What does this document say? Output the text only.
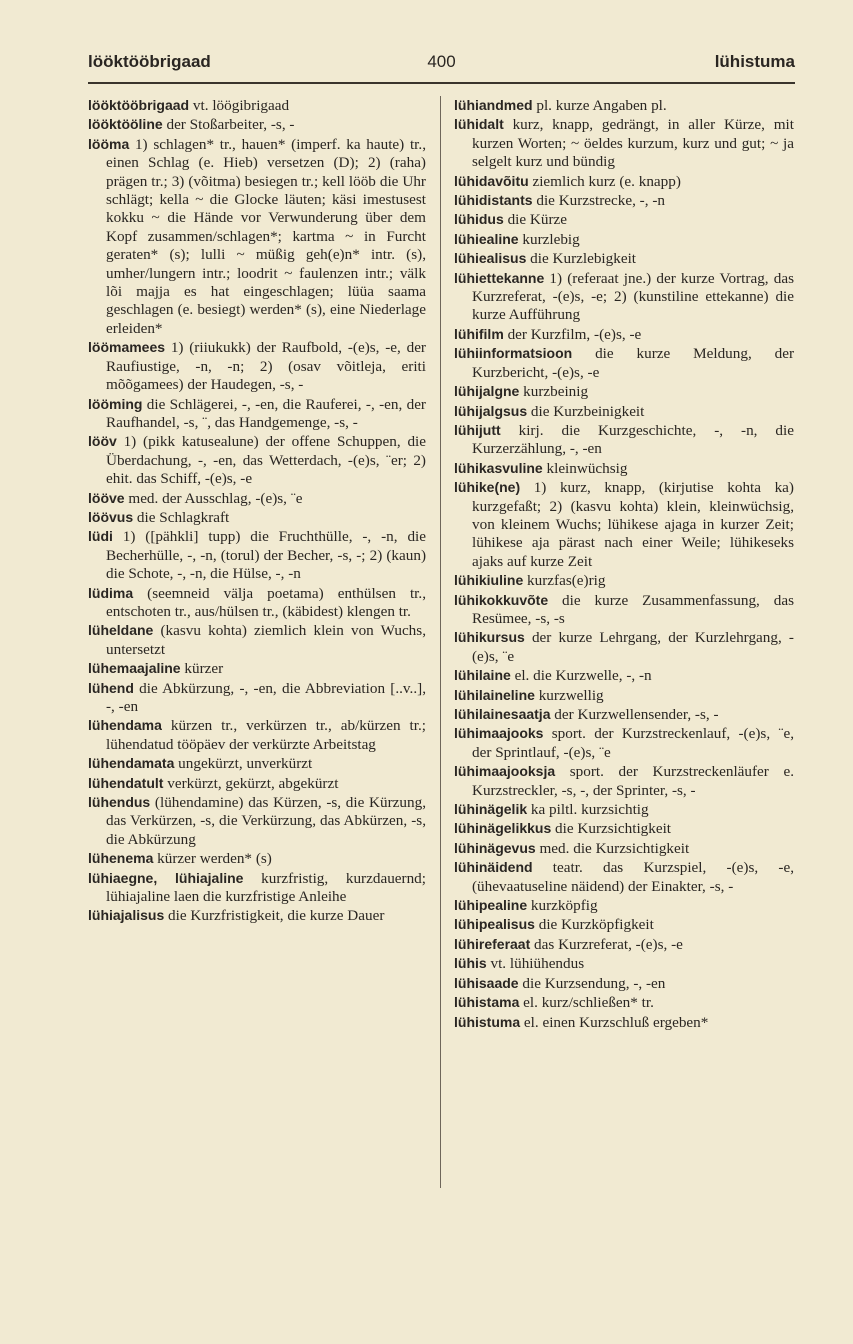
lööktööbrigaad	400	lühistuma

lööktööbrigaad vt. löögibrigaad

lööktööline der Stoßarbeiter, -s, -

lööma 1) schlagen* tr., hauen* (imperf. ka haute) tr., einen Schlag (e. Hieb) versetzen (D); 2) (raha) prägen tr.; 3) (võitma) besiegen tr.; kell lööb die Uhr schlägt; kella ~ die Glocke läuten; käsi imestusest kokku ~ die Hände vor Verwunderung über dem Kopf zusammen/schlagen*; kartma ~ in Furcht geraten* (s); lulli ~ müßig geh(e)n* intr. (s), umher/lungern intr.; loodrit ~ faulenzen intr.; välk lõi majja es hat eingeschlagen; lüüa saama geschlagen (e. besiegt) werden* (s), eine Niederlage erleiden*

löömamees 1) (riiukukk) der Raufbold, -(e)s, -e, der Raufiustige, -n, -n; 2) (osav võitleja, eriti mõõgamees) der Haudegen, -s, -

lööming die Schlägerei, -, -en, die Rauferei, -, -en, der Raufhandel, -s, ¨, das Handgemenge, -s, -

lööv 1) (pikk katusealune) der offene Schuppen, die Überdachung, -, -en, das Wetterdach, -(e)s, ¨er; 2) ehit. das Schiff, -(e)s, -e

lööve med. der Ausschlag, -(e)s, ¨e

löövus die Schlagkraft

lüdi 1) ([pähkli] tupp) die Fruchthülle, -, -n, die Becherhülle, -, -n, (torul) der Becher, -s, -; 2) (kaun) die Schote, -, -n, die Hülse, -, -n

lüdima (seemneid välja poetama) enthülsen tr., entschoten tr., aus/hülsen tr., (käbidest) klengen tr.

lüheldane (kasvu kohta) ziemlich klein von Wuchs, untersetzt

lühemaajaline kürzer

lühend die Abkürzung, -, -en, die Abbreviation [..v..], -, -en

lühendama kürzen tr., verkürzen tr., ab/kürzen tr.; lühendatud tööpäev der verkürzte Arbeitstag

lühendamata ungekürzt, unverkürzt

lühendatult verkürzt, gekürzt, abgekürzt

lühendus (lühendamine) das Kürzen, -s, die Kürzung, das Verkürzen, -s, die Verkürzung, das Abkürzen, -s, die Abkürzung

lühenema kürzer werden* (s)

lühiaegne, lühiajaline kurzfristig, kurzdauernd; lühiajaline laen die kurzfristige Anleihe

lühiajalisus die Kurzfristigkeit, die kurze Dauer

lühiandmed pl. kurze Angaben pl.

lühidalt kurz, knapp, gedrängt, in aller Kürze, mit kurzen Worten; ~ öeldes kurzum, kurz und gut; ~ ja selgelt kurz und bündig

lühidavõitu ziemlich kurz (e. knapp)

lühidistants die Kurzstrecke, -, -n

lühidus die Kürze

lühiealine kurzlebig

lühiealisus die Kurzlebigkeit

lühiettekanne 1) (referaat jne.) der kurze Vortrag, das Kurzreferat, -(e)s, -e; 2) (kunstiline ettekanne) die kurze Aufführung

lühifilm der Kurzfilm, -(e)s, -e

lühiinformatsioon die kurze Meldung, der Kurzbericht, -(e)s, -e

lühijalgne kurzbeinig

lühijalgsus die Kurzbeinigkeit

lühijutt kirj. die Kurzgeschichte, -, -n, die Kurzerzählung, -, -en

lühikasvuline kleinwüchsig

lühike(ne) 1) kurz, knapp, (kirjutise kohta ka) kurzgefaßt; 2) (kasvu kohta) klein, kleinwüchsig, von kleinem Wuchs; lühikese ajaga in kurzer Zeit; lühikese aja pärast nach einer Weile; lühikeseks ajaks auf kurze Zeit

lühikiuline kurzfas(e)rig

lühikokkuvõte die kurze Zusammenfassung, das Resümee, -s, -s

lühikursus der kurze Lehrgang, der Kurzlehrgang, -(e)s, ¨e

lühilaine el. die Kurzwelle, -, -n

lühilaineline kurzwellig

lühilainesaatja der Kurzwellensender, -s, -

lühimaajooks sport. der Kurzstreckenlauf, -(e)s, ¨e, der Sprintlauf, -(e)s, ¨e

lühimaajooksja sport. der Kurzstreckenläufer e. Kurzstreckler, -s, -, der Sprinter, -s, -

lühinägelik ka piltl. kurzsichtig

lühinägelikkus die Kurzsichtigkeit

lühinägevus med. die Kurzsichtigkeit

lühinäidend teatr. das Kurzspiel, -(e)s, -e, (ühevaatuseline näidend) der Einakter, -s, -

lühipealine kurzköpfig

lühipealisus die Kurzköpfigkeit

lühireferaat das Kurzreferat, -(e)s, -e

lühis vt. lühiühendus

lühisaade die Kurzsendung, -, -en

lühistama el. kurz/schließen* tr.

lühistuma el. einen Kurzschluß ergeben*
